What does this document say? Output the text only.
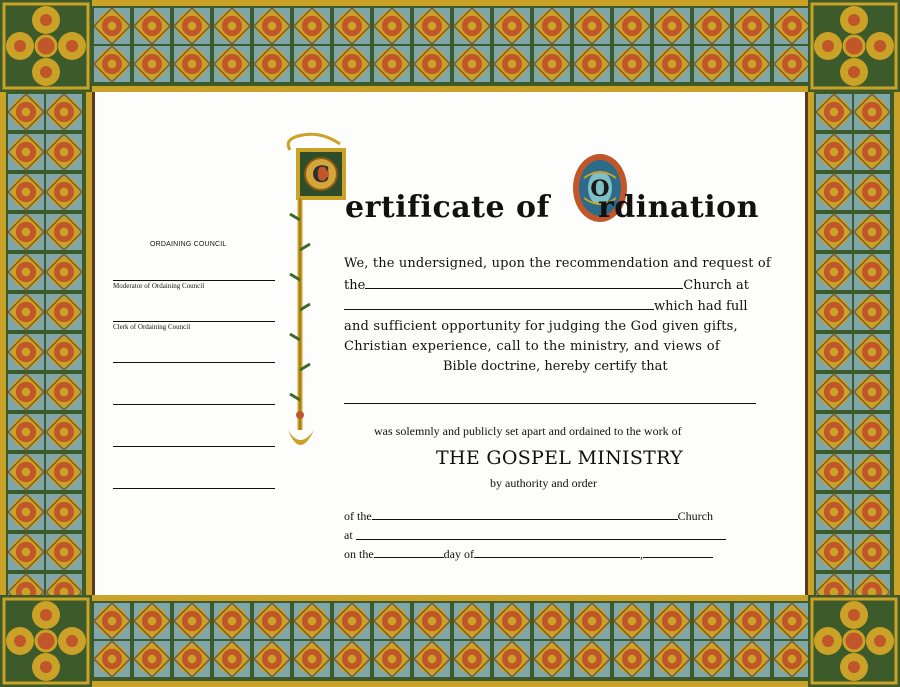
C
O
ertificate of rdination
ORDAINING COUNCIL
Moderator of Ordaining Council
Clerk of Ordaining Council
We, the undersigned, upon the recommendation and request of
the	Church at
which had full
and sufficient opportunity for judging the God given gifts,
Christian experience, call to the ministry, and views of
Bible doctrine, hereby certify that
was solemnly and publicly set apart and ordained to the work of
THE GOSPEL MINISTRY
by authority and order
of the	Church
at
on the	day of	,
